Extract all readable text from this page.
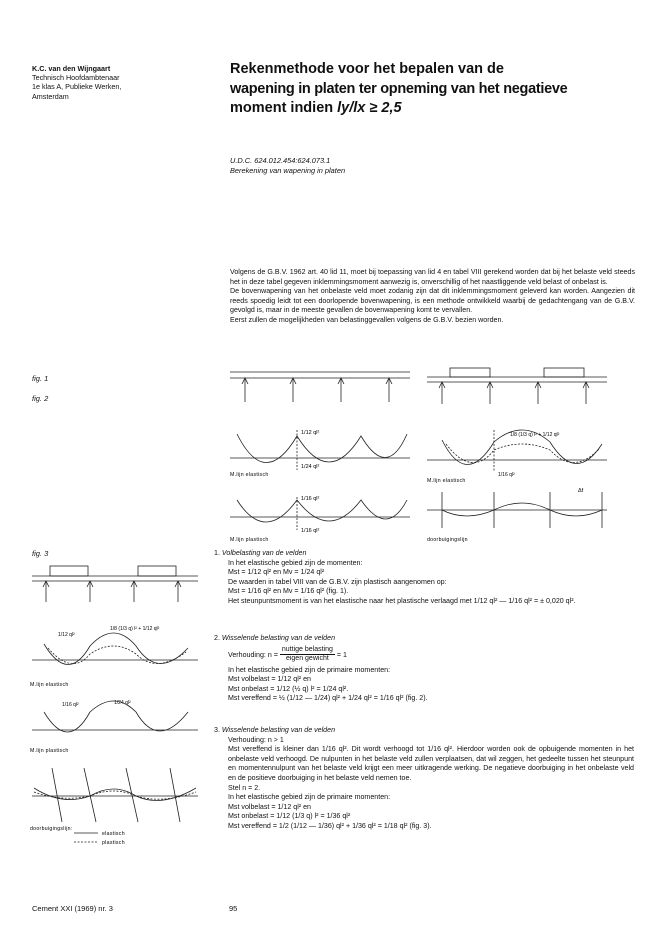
K.C. van den Wijngaart
Technisch Hoofdambtenaar
1e klas A, Publieke Werken,
Amsterdam
Rekenmethode voor het bepalen van de
wapening in platen ter opneming van het negatieve
moment indien ly/lx ≥ 2,5
U.D.C. 624.012.454:624.073.1
Berekening van wapening in platen

Volgens de G.B.V. 1962 art. 40 lid 11, moet bij toepassing van lid 4 en tabel VIII gerekend worden dat bij het belaste veld steeds het in deze tabel gegeven inklemmingsmoment aanwezig is, onverschillig of het naastliggende veld belast of onbelast is.

De bovenwapening van het onbelaste veld moet zodanig zijn dat dit inklemmingsmoment geleverd kan worden. Aangezien dit reeds spoedig leidt tot een doorlopende bovenwapening, is een methode ontwikkeld waarbij de gedachtengang van de G.B.V. gevolgd is, maar in de meeste gevallen de bovenwapening komt te vervallen.

Eerst zullen de mogelijkheden van belastinggevallen volgens de G.B.V. bezien worden.

fig. 1
fig. 2
fig. 3
1/12 ql²
1/24 ql²
1/16 ql²
1/16 ql²
M.lijn elastisch
M.lijn plastisch
1/8 (1/3 q) l² + 1/12 ql²
1/16 ql²
Δf
M.lijn elastisch
doorbuigingslijn
1/12 ql²
1/8 (1/3 q) l² + 1/12 ql²
1/16 ql²	1/24 ql²
M.lijn elastisch
M.lijn plastisch
doorbuigingslijn:
elastisch
plastisch
1. Volbelasting van de velden
In het elastische gebied zijn de momenten:
Mst = 1/12 ql² en Mv = 1/24 ql²
De waarden in tabel VIII van de G.B.V. zijn plastisch aangenomen op:
Mst = 1/16 ql² en Mv = 1/16 ql² (fig. 1).

Het steunpuntsmoment is van het elastische naar het plastische verlaagd met 1/12 ql² — 1/16 ql² = ± 0,020 ql².

2. Wisselende belasting van de velden
Verhouding: $n = \frac{\text{nuttige belasting}}{\text{eigen gewicht}} = 1$
In het elastische gebied zijn de primaire momenten:
Mst volbelast = 1/12 ql² en
Mst onbelast = 1/12 (½ q) l² = 1/24 ql².
Mst vereffend = ½ (1/12 — 1/24) ql² + 1/24 ql² = 1/16 ql² (fig. 2).
3. Wisselende belasting van de velden
Verhouding: n > 1

Mst vereffend is kleiner dan 1/16 ql². Dit wordt verhoogd tot 1/16 ql². Hierdoor worden ook de opbuigende momenten in het onbelaste veld verhoogd. De nulpunten in het belaste veld zullen verplaatsen, dat wil zeggen, het gedeelte tussen het steunpunt en momentennulpunt van het belaste veld krijgt een meer uitkragende werking. De negatieve doorbuiging in het onbelaste veld en de positieve doorbuiging in het belaste veld nemen toe.

Stel n = 2.
In het elastische gebied zijn de primaire momenten:
Mst volbelast = 1/12 ql² en
Mst onbelast = 1/12 (1/3 q) l² = 1/36 ql²
Mst vereffend = 1/2 (1/12 — 1/36) ql² + 1/36 ql² = 1/18 ql² (fig. 3).
Cement XXI (1969) nr. 3	95
